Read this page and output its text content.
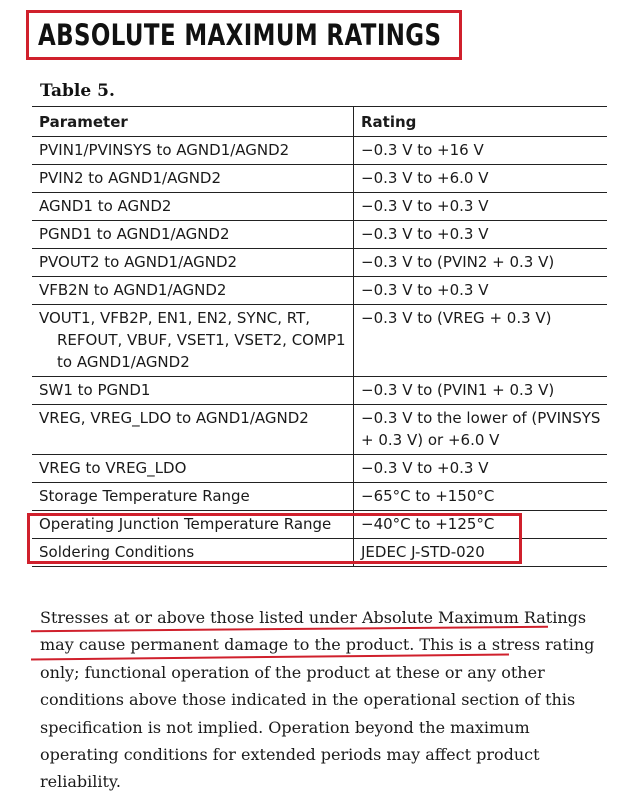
ABSOLUTE MAXIMUM RATINGS
Table 5.
Parameter	Rating

PVIN1/PVINSYS to AGND1/AGND2	−0.3 V to +16 V

PVIN2 to AGND1/AGND2	−0.3 V to +6.0 V

AGND1 to AGND2	−0.3 V to +0.3 V

PGND1 to AGND1/AGND2	−0.3 V to +0.3 V

PVOUT2 to AGND1/AGND2	−0.3 V to (PVIN2 + 0.3 V)

VFB2N to AGND1/AGND2	−0.3 V to +0.3 V

VOUT1, VFB2P, EN1, EN2, SYNC, RT, REFOUT, VBUF, VSET1, VSET2, COMP1 to AGND1/AGND2	−0.3 V to (VREG + 0.3 V)

SW1 to PGND1	−0.3 V to (PVIN1 + 0.3 V)

VREG, VREG_LDO to AGND1/AGND2	−0.3 V to the lower of (PVINSYS + 0.3 V) or +6.0 V

VREG to VREG_LDO	−0.3 V to +0.3 V

Storage Temperature Range	−65°C to +150°C

Operating Junction Temperature Range	−40°C to +125°C

Soldering Conditions	JEDEC J-STD-020

Stresses at or above those listed under Absolute Maximum Ratings may cause permanent damage to the product. This is a stress rating only; functional operation of the product at these or any other conditions above those indicated in the operational section of this specification is not implied. Operation beyond the maximum operating conditions for extended periods may affect product reliability.
